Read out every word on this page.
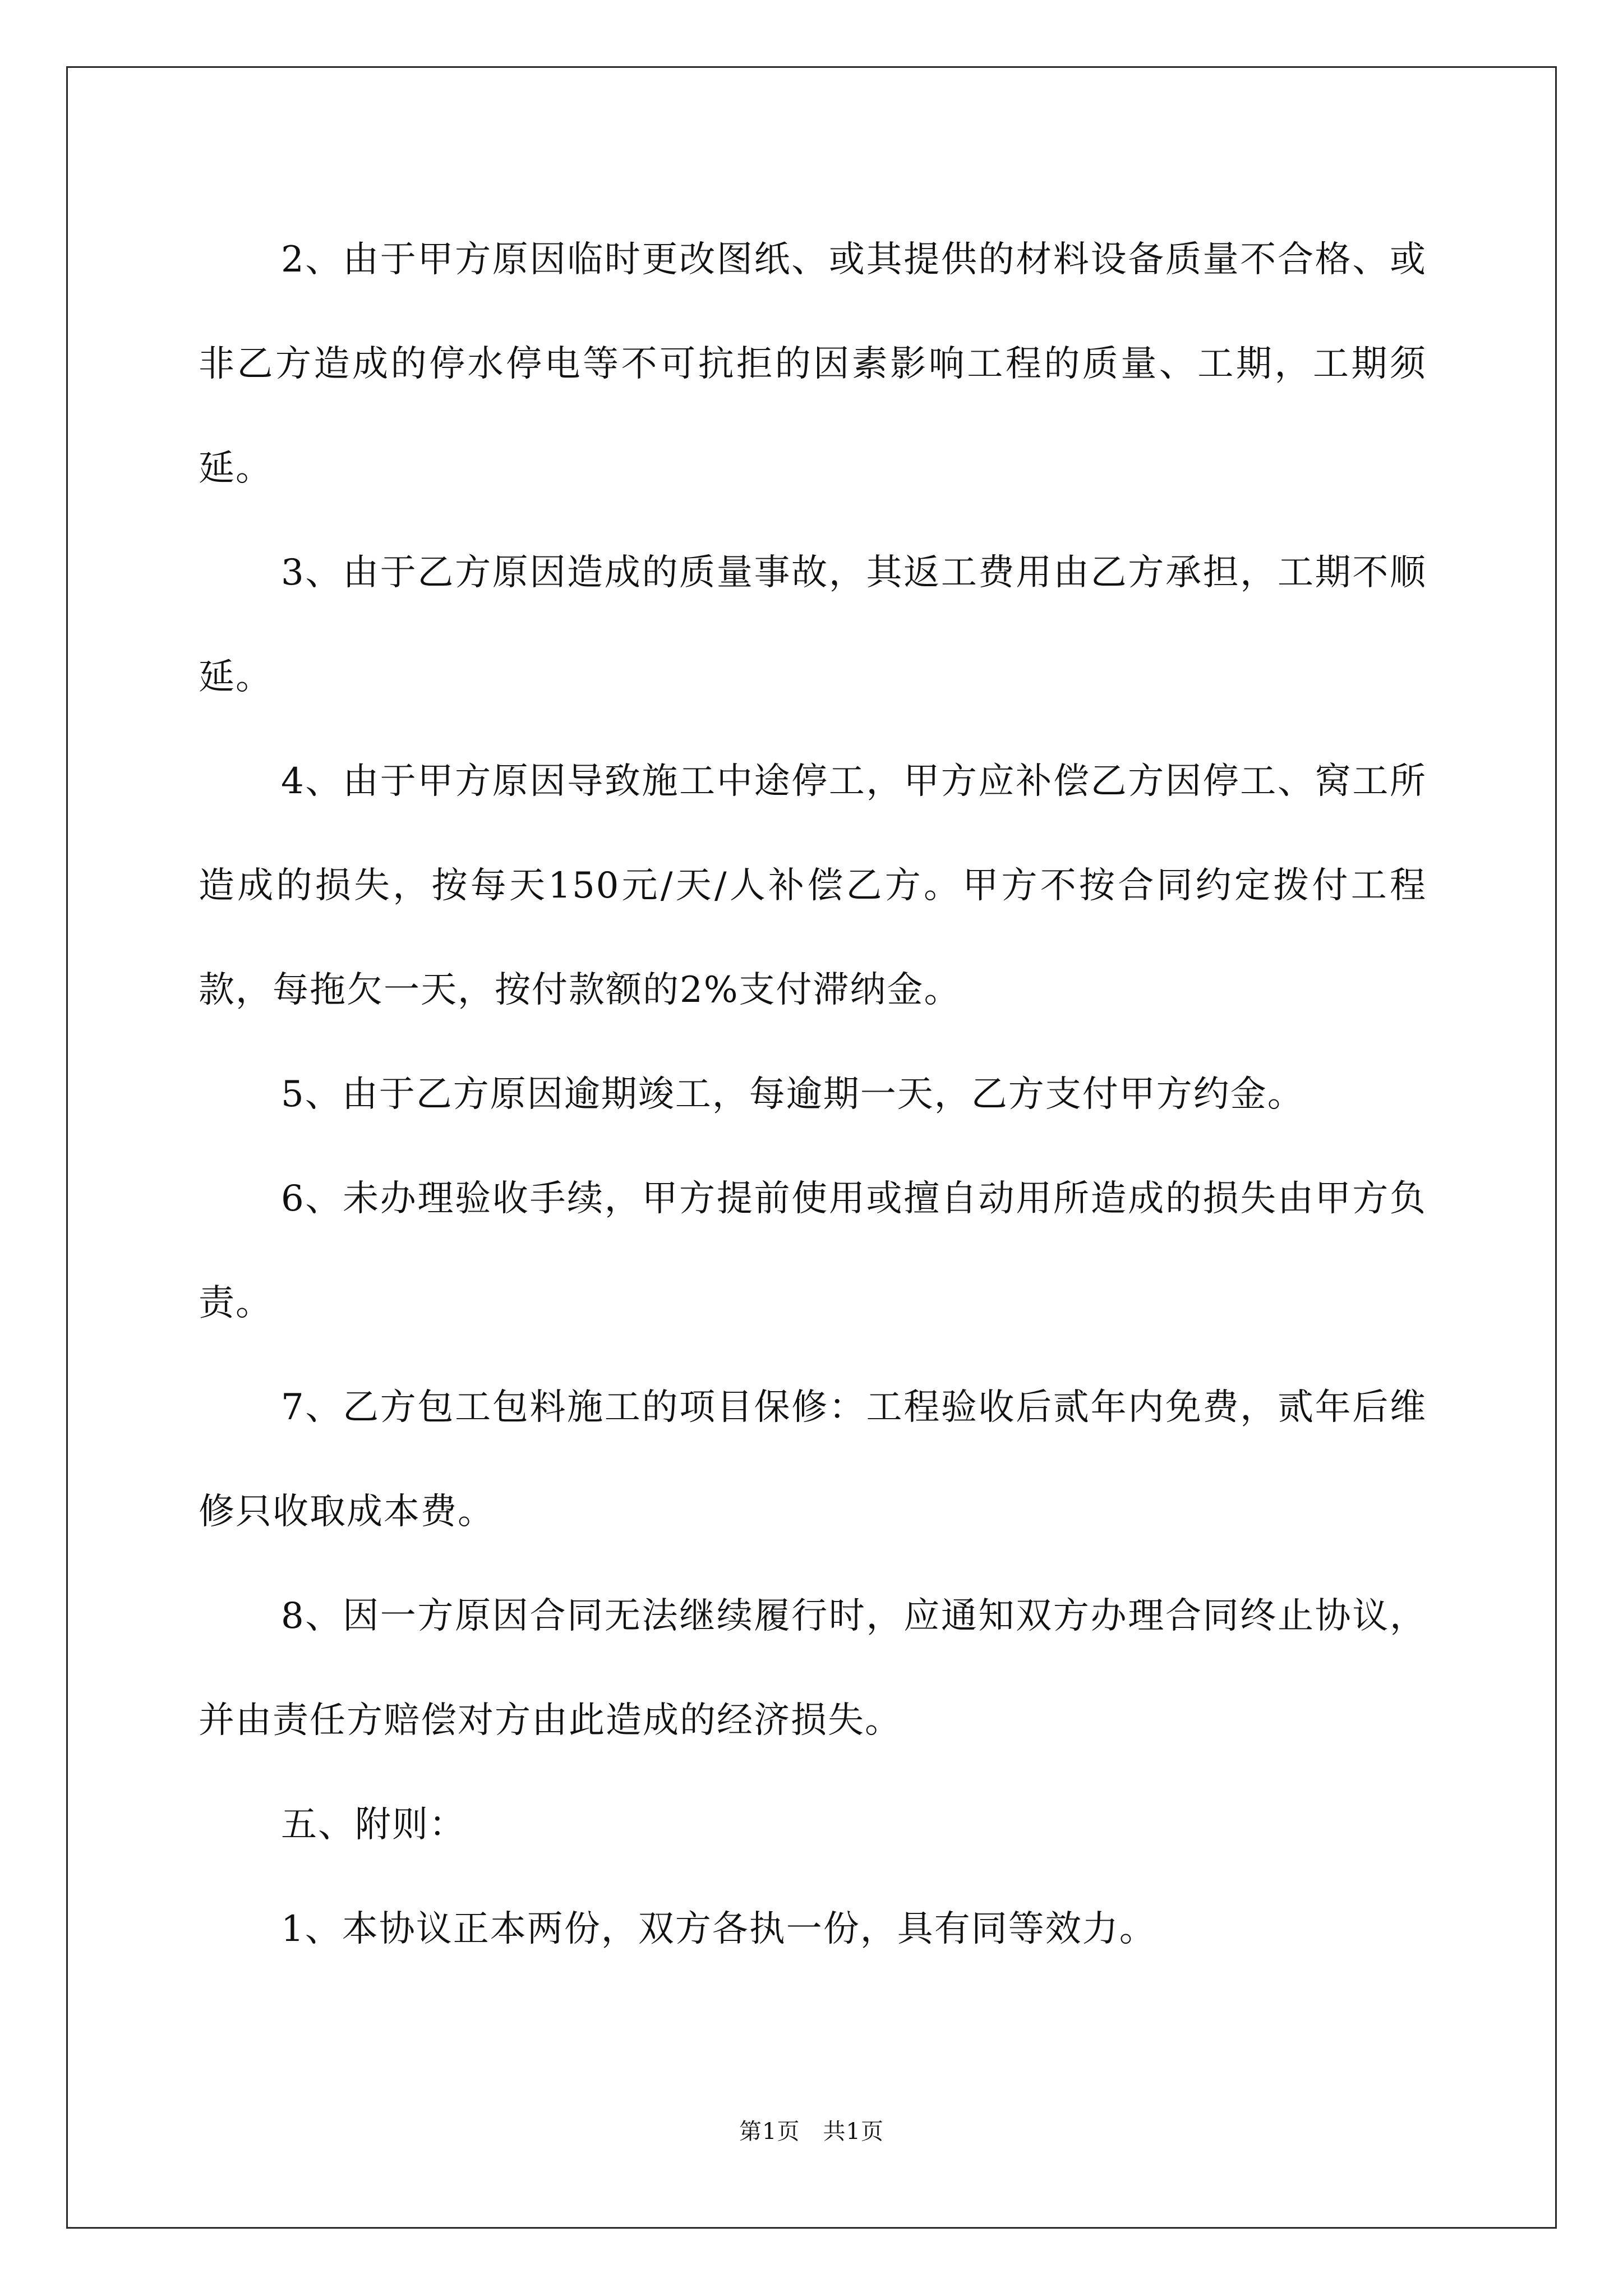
2、由于甲方原因临时更改图纸、或其提供的材料设备质量不合格、或非乙方造成的停水停电等不可抗拒的因素影响工程的质量、工期，工期须延。

3、由于乙方原因造成的质量事故，其返工费用由乙方承担，工期不顺延。

4、由于甲方原因导致施工中途停工，甲方应补偿乙方因停工、窝工所造成的损失，按每天150元/天/人补偿乙方。甲方不按合同约定拨付工程款，每拖欠一天，按付款额的2%支付滞纳金。

5、由于乙方原因逾期竣工，每逾期一天，乙方支付甲方约金。

6、未办理验收手续，甲方提前使用或擅自动用所造成的损失由甲方负责。

7、乙方包工包料施工的项目保修：工程验收后贰年内免费，贰年后维修只收取成本费。

8、因一方原因合同无法继续履行时，应通知双方办理合同终止协议，并由责任方赔偿对方由此造成的经济损失。

五、附则：

1、本协议正本两份，双方各执一份，具有同等效力。

第1页　共1页
